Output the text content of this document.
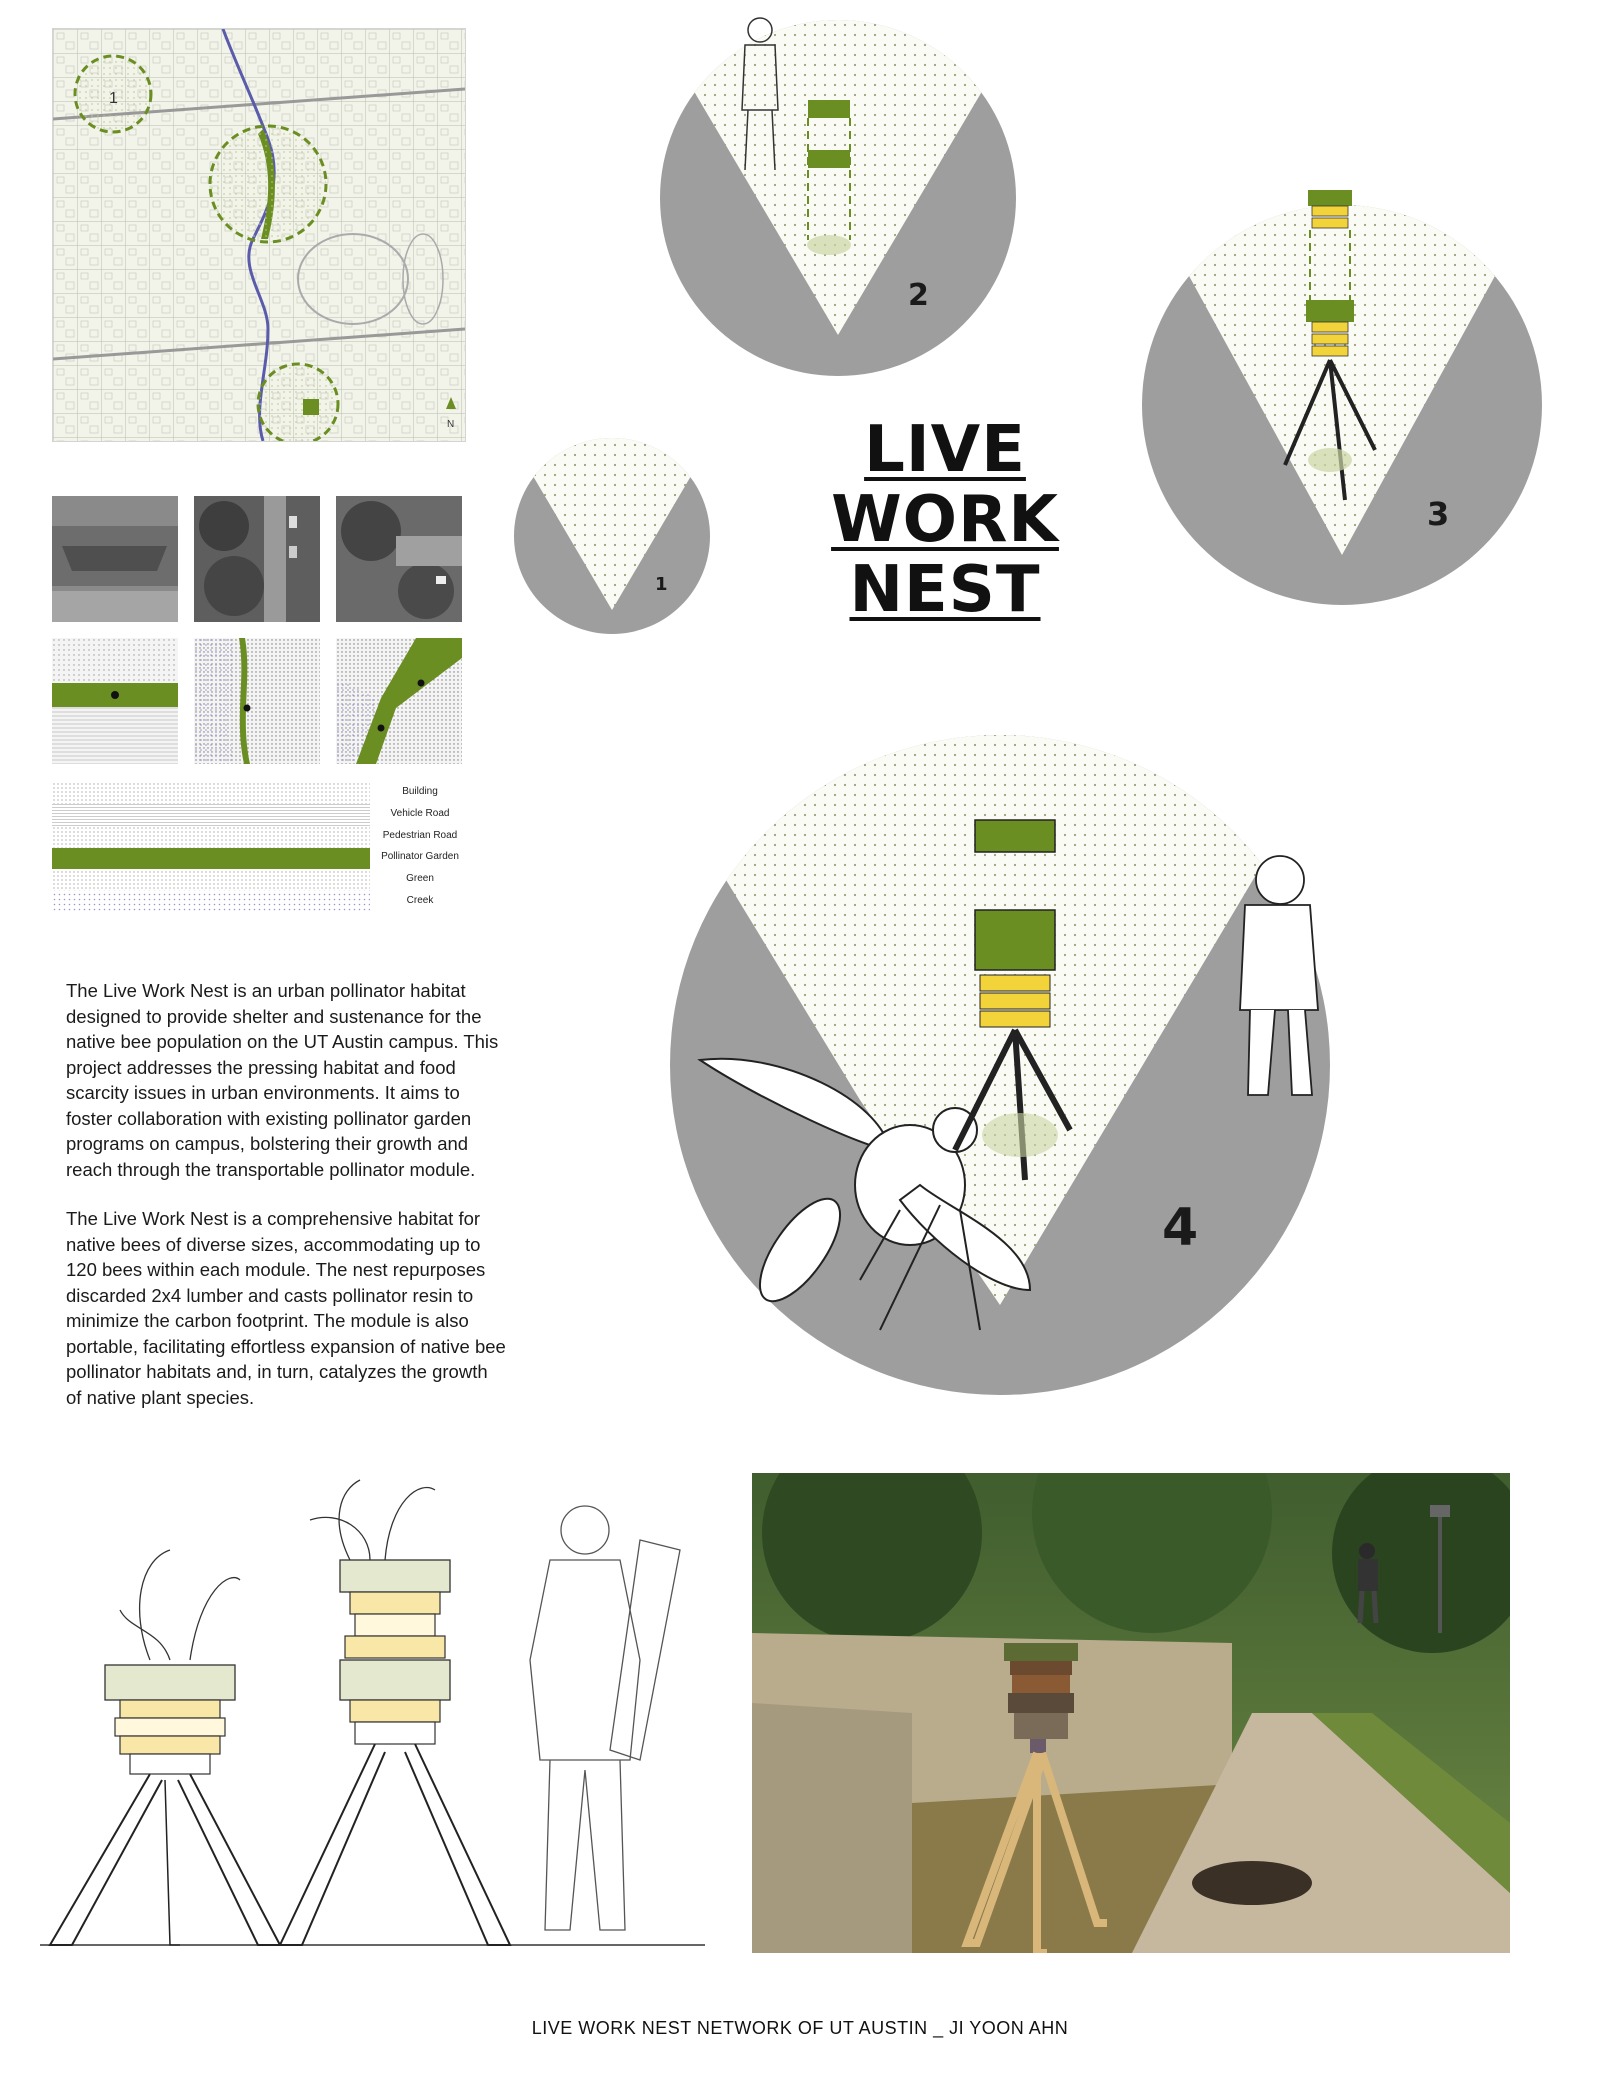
N
1
Building
Vehicle Road
Pedestrian Road
Pollinator Garden
Green
Creek
1
2
3
4
LIVE
WORK
NEST

The Live Work Nest is an urban pollinator habitat designed to provide shelter and sustenance for the native bee population on the UT Austin campus. This project addresses the pressing habitat and food scarcity issues in urban environments. It aims to foster collaboration with existing pollinator garden programs on campus, bolstering their growth and reach through the transportable pollinator module.

The Live Work Nest is a comprehensive habitat for native bees of diverse sizes, accommodating up to 120 bees within each module. The nest repurposes discarded 2x4 lumber and casts pollinator resin to minimize the carbon footprint. The module is also portable, facilitating effortless expansion of native bee pollinator habitats and, in turn, catalyzes the growth of native plant species.

LIVE WORK NEST NETWORK OF UT AUSTIN _ JI YOON AHN
